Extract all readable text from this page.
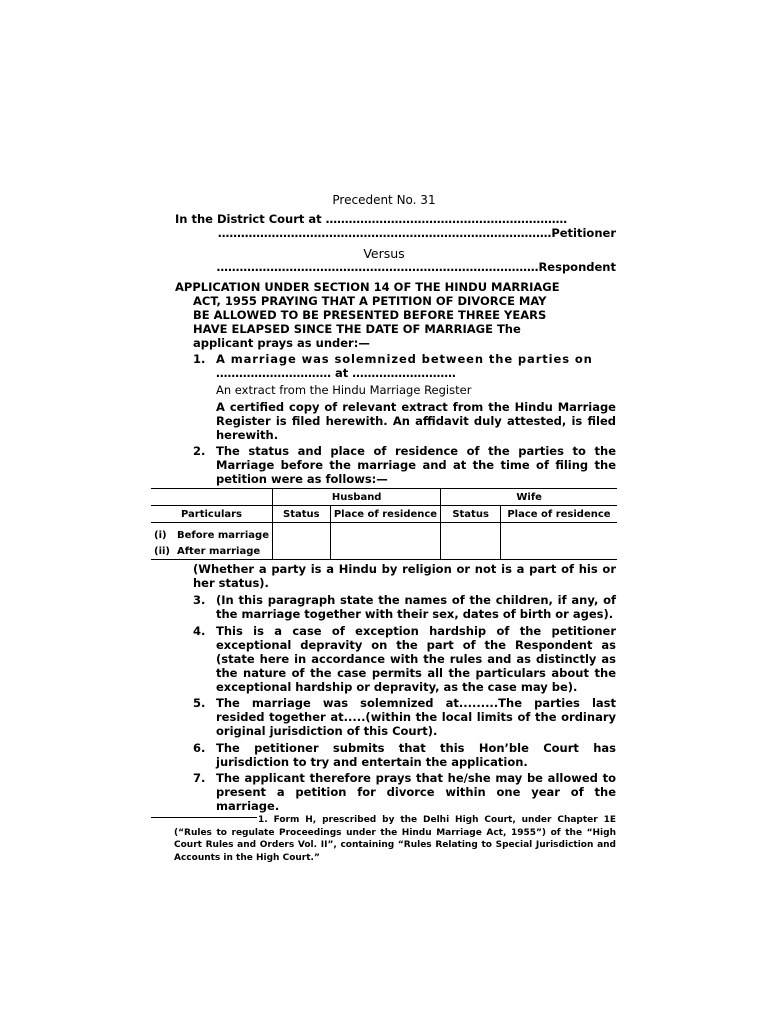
Precedent No. 31
In the District Court at ………………………………………………………
……………………………………………………………………………Petitioner
Versus
…………………………………………………………………………Respondent
APPLICATION UNDER SECTION 14 OF THE HINDU MARRIAGE
ACT, 1955 PRAYING THAT A PETITION OF DIVORCE MAY
BE ALLOWED TO BE PRESENTED BEFORE THREE YEARS
HAVE ELAPSED SINCE THE DATE OF MARRIAGE The
applicant prays as under:—
1. A marriage was solemnized between the parties on
………………………… at ………………………
An extract from the Hindu Marriage Register
A certified copy of relevant extract from the Hindu Marriage Register is filed herewith. An affidavit duly attested, is filed herewith.
2. The status and place of residence of the parties to the Marriage before the marriage and at the time of filing the petition were as follows:—
	Husband		Wife	
Particulars	Status	Place of residence	Status	Place of residence
(i)   Before marriage				
(ii)  After marriage				
(Whether a party is a Hindu by religion or not is a part of his or her status).
3. (In this paragraph state the names of the children, if any, of the marriage together with their sex, dates of birth or ages).
4. This is a case of exception hardship of the petitioner exceptional depravity on the part of the Respondent as (state here in accordance with the rules and as distinctly as the nature of the case permits all the particulars about the exceptional hardship or depravity, as the case may be).
5. The marriage was solemnized at.........The parties last resided together at.....(within the local limits of the ordinary original jurisdiction of this Court).
6. The petitioner submits that this Hon’ble Court has jurisdiction to try and entertain the application.
7. The applicant therefore prays that he/she may be allowed to present a petition for divorce within one year of the marriage.
1. Form H, prescribed by the Delhi High Court, under Chapter 1E (“Rules to regulate Proceedings under the Hindu Marriage Act, 1955”) of the “High Court Rules and Orders Vol. II”, containing “Rules Relating to Special Jurisdiction and Accounts in the High Court.”
